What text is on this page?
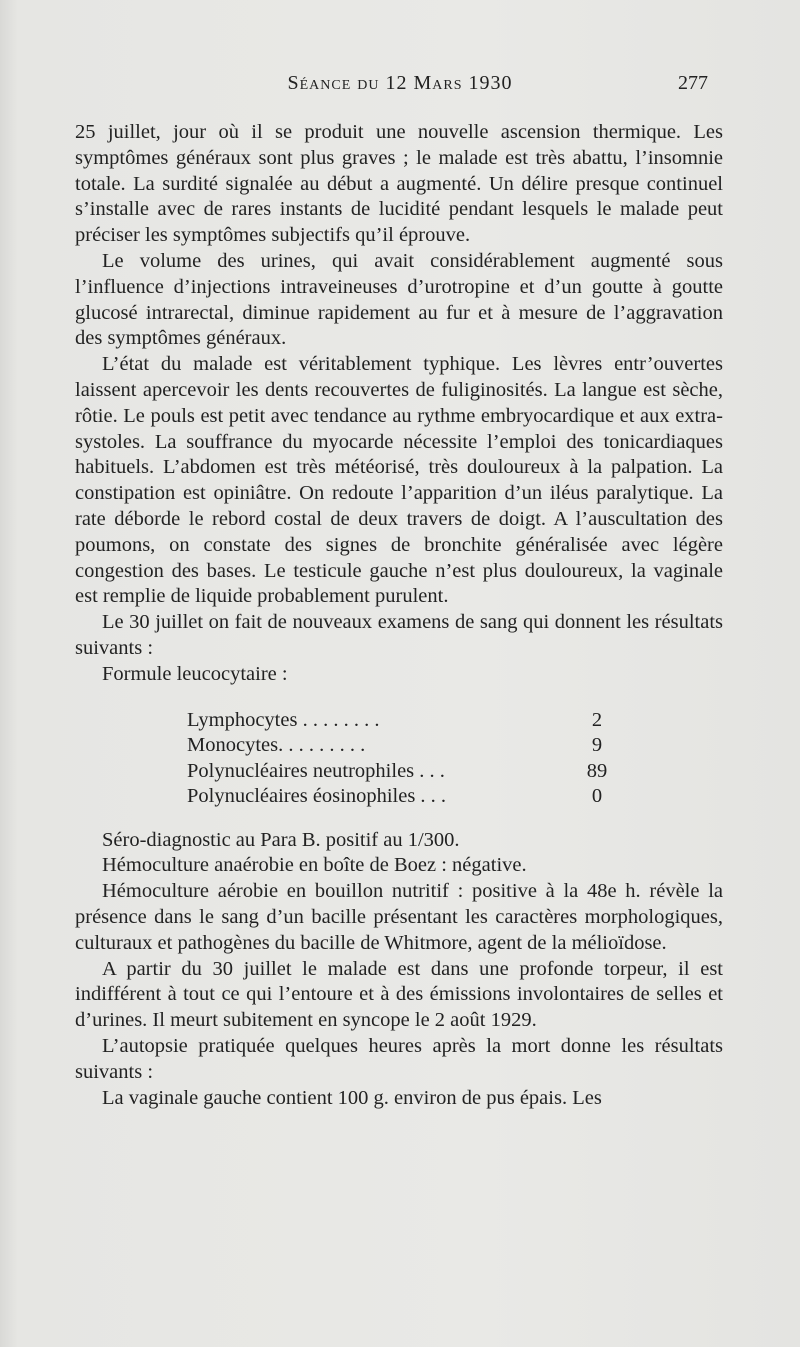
Séance du 12 Mars 1930	277

25 juillet, jour où il se produit une nouvelle ascension thermique. Les symptômes généraux sont plus graves ; le malade est très abattu, l’insomnie totale. La surdité signalée au début a augmenté. Un délire presque continuel s’installe avec de rares instants de lucidité pendant lesquels le malade peut préciser les symptômes subjectifs qu’il éprouve.

Le volume des urines, qui avait considérablement augmenté sous l’influence d’injections intraveineuses d’urotropine et d’un goutte à goutte glucosé intrarectal, diminue rapidement au fur et à mesure de l’aggravation des symptômes généraux.

L’état du malade est véritablement typhique. Les lèvres entr’ouvertes laissent apercevoir les dents recouvertes de fuliginosités. La langue est sèche, rôtie. Le pouls est petit avec tendance au rythme embryocardique et aux extra-systoles. La souffrance du myocarde nécessite l’emploi des tonicardiaques habituels. L’abdomen est très météorisé, très douloureux à la palpation. La constipation est opiniâtre. On redoute l’apparition d’un iléus paralytique. La rate déborde le rebord costal de deux travers de doigt. A l’auscultation des poumons, on constate des signes de bronchite généralisée avec légère congestion des bases. Le testicule gauche n’est plus douloureux, la vaginale est remplie de liquide probablement purulent.

Le 30 juillet on fait de nouveaux examens de sang qui donnent les résultats suivants :

Formule leucocytaire :

Lymphocytes . . . . . . . .	2
Monocytes. . . . . . . . .	9
Polynucléaires neutrophiles . . .	89
Polynucléaires éosinophiles . . .	0

Séro-diagnostic au Para B. positif au 1/300.

Hémoculture anaérobie en boîte de Boez : négative.

Hémoculture aérobie en bouillon nutritif : positive à la 48e h. révèle la présence dans le sang d’un bacille présentant les caractères morphologiques, culturaux et pathogènes du bacille de Whitmore, agent de la mélioïdose.

A partir du 30 juillet le malade est dans une profonde torpeur, il est indifférent à tout ce qui l’entoure et à des émissions involontaires de selles et d’urines. Il meurt subitement en syncope le 2 août 1929.

L’autopsie pratiquée quelques heures après la mort donne les résultats suivants :

La vaginale gauche contient 100 g. environ de pus épais. Les
